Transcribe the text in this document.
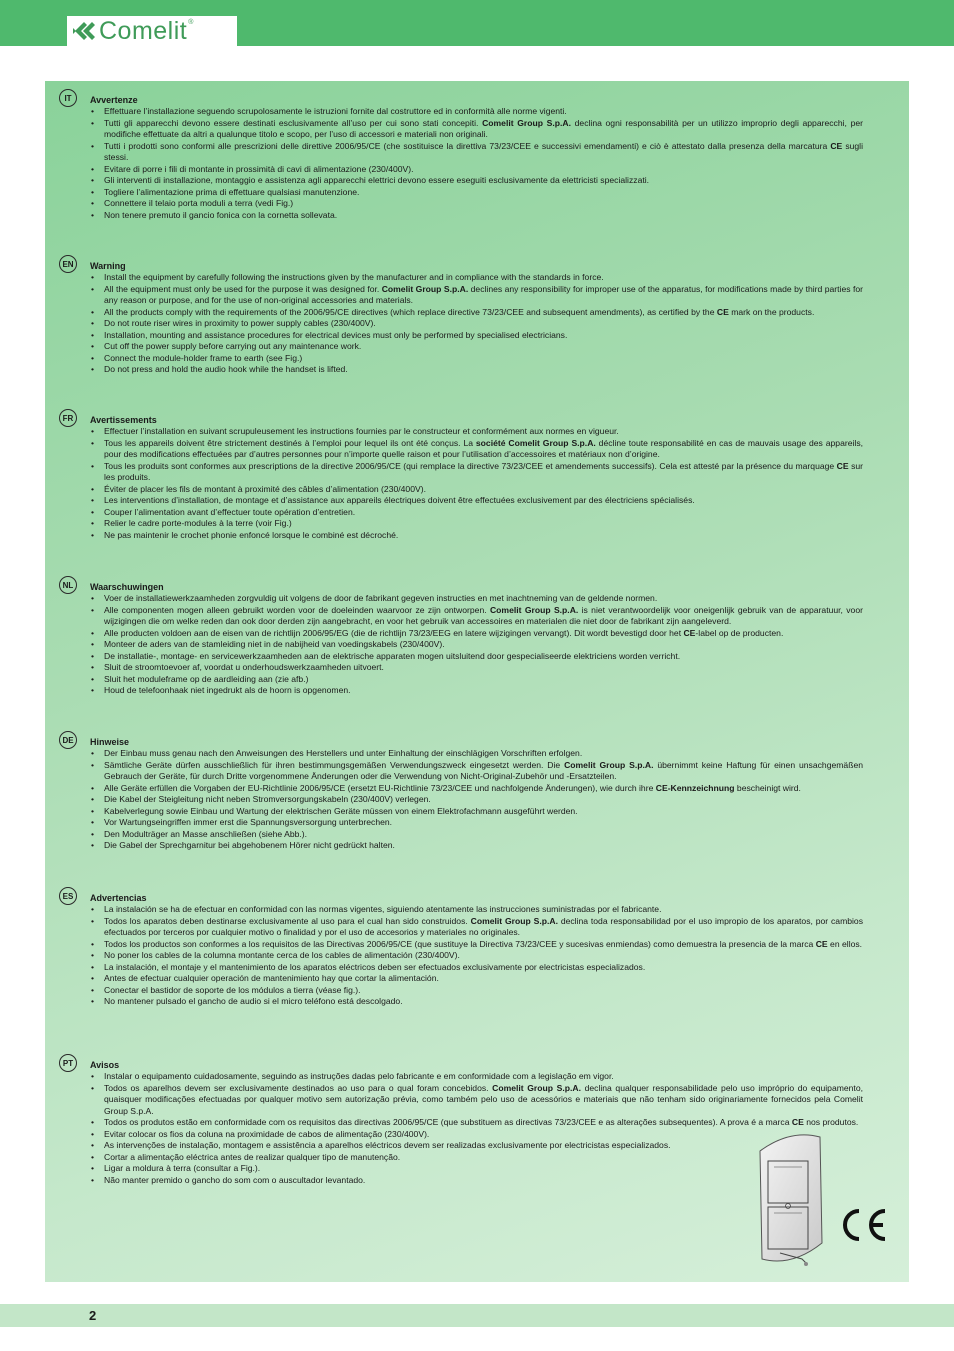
Comelit ®
IT	Avvertenze
• Effettuare l’installazione seguendo scrupolosamente le istruzioni fornite dal costruttore ed in conformità alle norme vigenti.
• Tutti gli apparecchi devono essere destinati esclusivamente all’uso per cui sono stati concepiti. Comelit Group S.p.A. declina ogni responsabilità per un utilizzo improprio degli apparecchi, per modifiche effettuate da altri a qualunque titolo e scopo, per l’uso di accessori e materiali non originali.
• Tutti i prodotti sono conformi alle prescrizioni delle direttive 2006/95/CE (che sostituisce la direttiva 73/23/CEE e successivi emendamenti) e ciò è attestato dalla presenza della marcatura CE sugli stessi.
• Evitare di porre i fili di montante in prossimità di cavi di alimentazione (230/400V).
• Gli interventi di installazione, montaggio e assistenza agli apparecchi elettrici devono essere eseguiti esclusivamente da elettricisti specializzati.
• Togliere l’alimentazione prima di effettuare qualsiasi manutenzione.
• Connettere il telaio porta moduli a terra (vedi Fig.)
• Non tenere premuto il gancio fonica con la cornetta sollevata.
EN	Warning
• Install the equipment by carefully following the instructions given by the manufacturer and in compliance with the standards in force.
• All the equipment must only be used for the purpose it was designed for. Comelit Group S.p.A. declines any responsibility for improper use of the apparatus, for modifications made by third parties for any reason or purpose, and for the use of non-original accessories and materials.
• All the products comply with the requirements of the 2006/95/CE directives (which replace directive 73/23/CEE and subsequent amendments), as certified by the CE mark on the products.
• Do not route riser wires in proximity to power supply cables (230/400V).
• Installation, mounting and assistance procedures for electrical devices must only be performed by specialised electricians.
• Cut off the power supply before carrying out any maintenance work.
• Connect the module-holder frame to earth (see Fig.)
• Do not press and hold the audio hook while the handset is lifted.
FR	Avertissements
• Effectuer l’installation en suivant scrupuleusement les instructions fournies par le constructeur et conformément aux normes en vigueur.
• Tous les appareils doivent être strictement destinés à l’emploi pour lequel ils ont été conçus. La société Comelit Group S.p.A. décline toute responsabilité en cas de mauvais usage des appareils, pour des modifications effectuées par d’autres personnes pour n’importe quelle raison et pour l’utilisation d’accessoires et matériaux non d’origine.
• Tous les produits sont conformes aux prescriptions de la directive 2006/95/CE (qui remplace la directive 73/23/CEE et amendements successifs). Cela est attesté par la présence du marquage CE sur les produits.
• Éviter de placer les fils de montant à proximité des câbles d’alimentation (230/400V).
• Les interventions d’installation, de montage et d’assistance aux appareils électriques doivent être effectuées exclusivement par des électriciens spécialisés.
• Couper l’alimentation avant d’effectuer toute opération d’entretien.
• Relier le cadre porte-modules à la terre (voir Fig.)
• Ne pas maintenir le crochet phonie enfoncé lorsque le combiné est décroché.
NL	Waarschuwingen
• Voer de installatiewerkzaamheden zorgvuldig uit volgens de door de fabrikant gegeven instructies en met inachtneming van de geldende normen.
• Alle componenten mogen alleen gebruikt worden voor de doeleinden waarvoor ze zijn ontworpen. Comelit Group S.p.A. is niet verantwoordelijk voor oneigenlijk gebruik van de apparatuur, voor wijzigingen die om welke reden dan ook door derden zijn aangebracht, en voor het gebruik van accessoires en materialen die niet door de fabrikant zijn aangeleverd.
• Alle producten voldoen aan de eisen van de richtlijn 2006/95/EG (die de richtlijn 73/23/EEG en latere wijzigingen vervangt). Dit wordt bevestigd door het CE-label op de producten.
• Monteer de aders van de stamleiding niet in de nabijheid van voedingskabels (230/400V).
• De installatie-, montage- en servicewerkzaamheden aan de elektrische apparaten mogen uitsluitend door gespecialiseerde elektriciens worden verricht.
• Sluit de stroomtoevoer af, voordat u onderhoudswerkzaamheden uitvoert.
• Sluit het moduleframe op de aardleiding aan (zie afb.)
• Houd de telefoonhaak niet ingedrukt als de hoorn is opgenomen.
DE	Hinweise
• Der Einbau muss genau nach den Anweisungen des Herstellers und unter Einhaltung der einschlägigen Vorschriften erfolgen.
• Sämtliche Geräte dürfen ausschließlich für ihren bestimmungsgemäßen Verwendungszweck eingesetzt werden. Die Comelit Group S.p.A. übernimmt keine Haftung für einen unsachgemäßen Gebrauch der Geräte, für durch Dritte vorgenommene Änderungen oder die Verwendung von Nicht-Original-Zubehör und -Ersatzteilen.
• Alle Geräte erfüllen die Vorgaben der EU-Richtlinie 2006/95/CE (ersetzt EU-Richtlinie 73/23/CEE und nachfolgende Änderungen), wie durch ihre CE-Kennzeichnung bescheinigt wird.
• Die Kabel der Steigleitung nicht neben Stromversorgungskabeln (230/400V) verlegen.
• Kabelverlegung sowie Einbau und Wartung der elektrischen Geräte müssen von einem Elektrofachmann ausgeführt werden.
• Vor Wartungseingriffen immer erst die Spannungsversorgung unterbrechen.
• Den Modulträger an Masse anschließen (siehe Abb.).
• Die Gabel der Sprechgarnitur bei abgehobenem Hörer nicht gedrückt halten.
ES	Advertencias
• La instalación se ha de efectuar en conformidad con las normas vigentes, siguiendo atentamente las instrucciones suministradas por el fabricante.
• Todos los aparatos deben destinarse exclusivamente al uso para el cual han sido construidos. Comelit Group S.p.A. declina toda responsabilidad por el uso impropio de los aparatos, por cambios efectuados por terceros por cualquier motivo o finalidad y por el uso de accesorios y materiales no originales.
• Todos los productos son conformes a los requisitos de las Directivas 2006/95/CE (que sustituye la Directiva 73/23/CEE y sucesivas enmiendas) como demuestra la presencia de la marca CE en ellos.
• No poner los cables de la columna montante cerca de los cables de alimentación (230/400V).
• La instalación, el montaje y el mantenimiento de los aparatos eléctricos deben ser efectuados exclusivamente por electricistas especializados.
• Antes de efectuar cualquier operación de mantenimiento hay que cortar la alimentación.
• Conectar el bastidor de soporte de los módulos a tierra (véase fig.).
• No mantener pulsado el gancho de audio si el micro teléfono está descolgado.
PT	Avisos
• Instalar o equipamento cuidadosamente, seguindo as instruções dadas pelo fabricante e em conformidade com a legislação em vigor.
• Todos os aparelhos devem ser exclusivamente destinados ao uso para o qual foram concebidos. Comelit Group S.p.A. declina qualquer responsabilidade pelo uso impróprio do equipamento, quaisquer modificações efectuadas por qualquer motivo sem autorização prévia, como também pelo uso de acessórios e materiais que não tenham sido originariamente fornecidos pela Comelit Group S.p.A.
• Todos os produtos estão em conformidade com os requisitos das directivas 2006/95/CE (que substituem as directivas 73/23/CEE e as alterações subsequentes). A prova é a marca CE nos produtos.
• Evitar colocar os fios da coluna na proximidade de cabos de alimentação (230/400V).
• As intervenções de instalação, montagem e assistência a aparelhos eléctricos devem ser realizadas exclusivamente por electricistas especializados.
• Cortar a alimentação eléctrica antes de realizar qualquer tipo de manutenção.
• Ligar a moldura à terra (consultar a Fig.).
• Não manter premido o gancho do som com o auscultador levantado.
2
